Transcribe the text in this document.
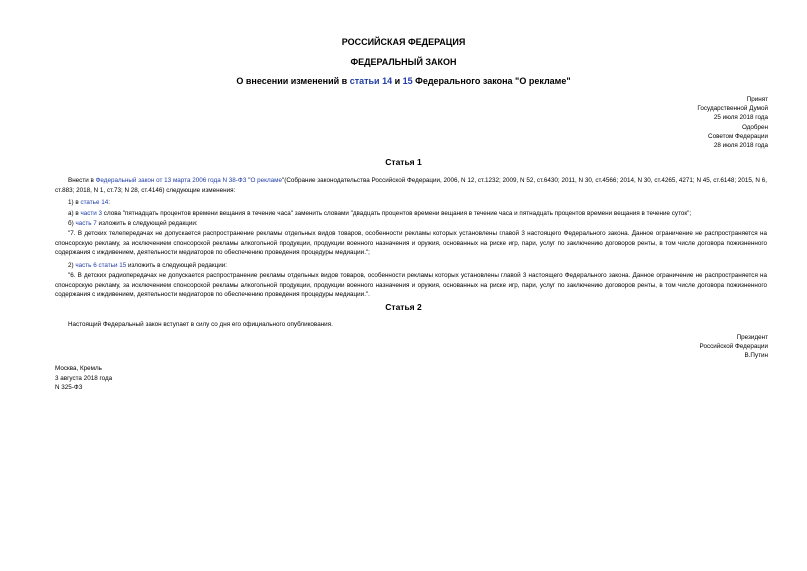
РОССИЙСКАЯ ФЕДЕРАЦИЯ
ФЕДЕРАЛЬНЫЙ ЗАКОН
О внесении изменений в статьи 14 и 15 Федерального закона "О рекламе"
Принят
Государственной Думой
25 июля 2018 года
Одобрен
Советом Федерации
28 июля 2018 года
Статья 1
Внести в Федеральный закон от 13 марта 2006 года N 38-ФЗ "О рекламе"(Собрание законодательства Российской Федерации, 2006, N 12, ст.1232; 2009, N 52, ст.6430; 2011, N 30, ст.4566; 2014, N 30, ст.4265, 4271; N 45, ст.6148; 2015, N 6, ст.883; 2018, N 1, ст.73; N 28, ст.4146) следующие изменения:
1) в статье 14:
а) в части 3 слова "пятнадцать процентов времени вещания в течение часа" заменить словами "двадцать процентов времени вещания в течение часа и пятнадцать процентов времени вещания в течение суток";
б) часть 7 изложить в следующей редакции:
"7. В детских телепередачах не допускается распространение рекламы отдельных видов товаров, особенности рекламы которых установлены главой 3 настоящего Федерального закона. Данное ограничение не распространяется на спонсорскую рекламу, за исключением спонсорской рекламы алкогольной продукции, продукции военного назначения и оружия, основанных на риске игр, пари, услуг по заключению договоров ренты, в том числе договора пожизненного содержания с иждивением, деятельности медиаторов по обеспечению проведения процедуры медиации.";
2) часть 6 статьи 15 изложить в следующей редакции:
"6. В детских радиопередачах не допускается распространение рекламы отдельных видов товаров, особенности рекламы которых установлены главой 3 настоящего Федерального закона. Данное ограничение не распространяется на спонсорскую рекламу, за исключением спонсорской рекламы алкогольной продукции, продукции военного назначения и оружия, основанных на риске игр, пари, услуг по заключению договоров ренты, в том числе договора пожизненного содержания с иждивением, деятельности медиаторов по обеспечению проведения процедуры медиации.".
Статья 2
Настоящий Федеральный закон вступает в силу со дня его официального опубликования.
Президент
Российской Федерации
В.Путин
Москва, Кремль
3 августа 2018 года
N 325-ФЗ
